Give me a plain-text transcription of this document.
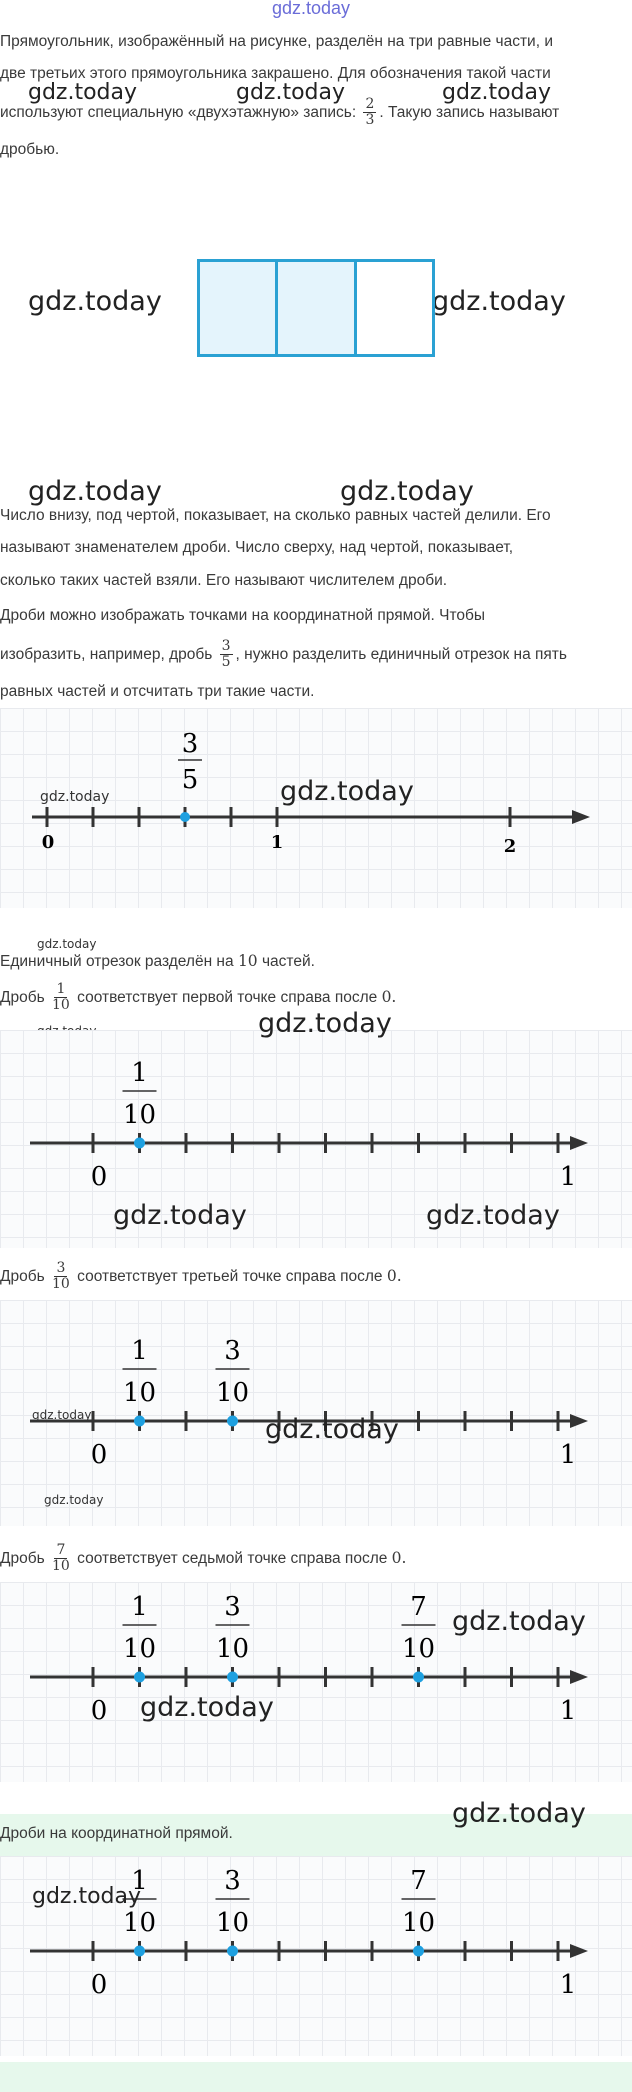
gdz.today
Прямоугольник, изображённый на рисунке, разделён на три равные части, и
две третьих этого прямоугольника закрашено. Для обозначения такой части
используют специальную «двухэтажную» запись: $\frac{2}{3}$ . Такую запись называют
дробью.
gdz.today	gdz.today	gdz.today
gdz.today	gdz.today
gdz.today	gdz.today
Число внизу, под чертой, показывает, на сколько равных частей делили. Его
называют знаменателем дроби. Число сверху, над чертой, показывает,
сколько таких частей взяли. Его называют числителем дроби.
Дроби можно изображать точками на координатной прямой. Чтобы
изобразить, например, дробь $\frac{3}{5}$ , нужно разделить единичный отрезок на пять
равных частей и отсчитать три такие части.
0	1	2
3
5
gdz.today	gdz.today
gdz.today
Единичный отрезок разделён на 10 частей.
Дробь $\frac{1}{10}$ соответствует первой точке справа после 0.
gdz.today
0	1
1
10
gdz.today	gdz.today
Дробь $\frac{3}{10}$ соответствует третьей точке справа после 0.
0	1
1
10
3
10
gdz.today	gdz.today
gdz.today
Дробь $\frac{7}{10}$ соответствует седьмой точке справа после 0.
0	1
1
10
3
10
7
10
gdz.today
gdz.today
gdz.today
Дроби на координатной прямой.
0	1
1
10
3
10
7
10
gdz.today
